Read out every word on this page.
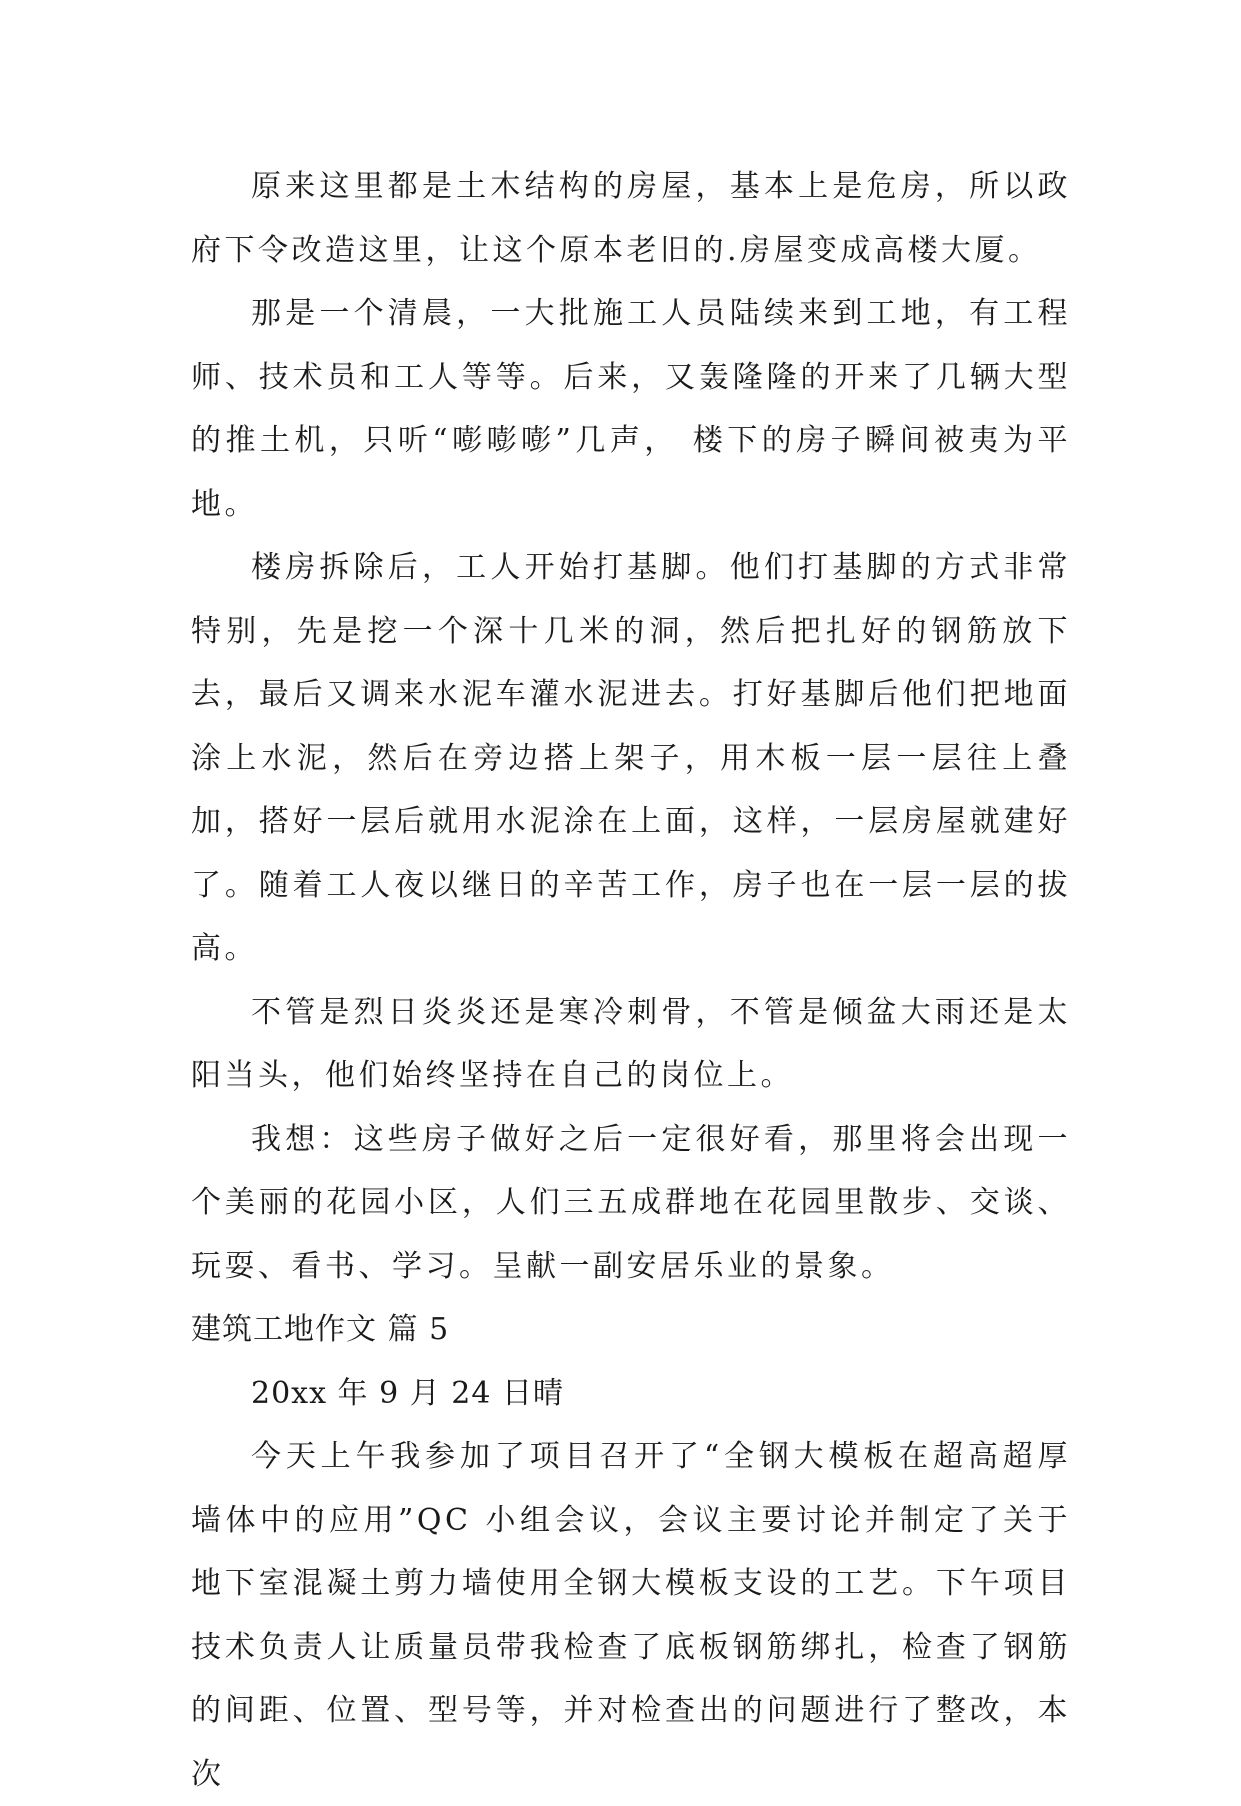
原来这里都是土木结构的房屋，基本上是危房，所以政府下令改造这里，让这个原本老旧的.房屋变成高楼大厦。

那是一个清晨，一大批施工人员陆续来到工地，有工程师、技术员和工人等等。后来，又轰隆隆的开来了几辆大型的推土机，只听“嘭嘭嘭”几声， 楼下的房子瞬间被夷为平地。

楼房拆除后，工人开始打基脚。他们打基脚的方式非常特别，先是挖一个深十几米的洞，然后把扎好的钢筋放下去，最后又调来水泥车灌水泥进去。打好基脚后他们把地面涂上水泥，然后在旁边搭上架子，用木板一层一层往上叠加，搭好一层后就用水泥涂在上面，这样，一层房屋就建好了。随着工人夜以继日的辛苦工作，房子也在一层一层的拔高。

不管是烈日炎炎还是寒冷刺骨，不管是倾盆大雨还是太阳当头，他们始终坚持在自己的岗位上。

我想：这些房子做好之后一定很好看，那里将会出现一个美丽的花园小区，人们三五成群地在花园里散步、交谈、玩耍、看书、学习。呈献一副安居乐业的景象。

建筑工地作文 篇 5

20xx 年 9 月 24 日晴

今天上午我参加了项目召开了“全钢大模板在超高超厚墙体中的应用”QC 小组会议，会议主要讨论并制定了关于地下室混凝土剪力墙使用全钢大模板支设的工艺。下午项目技术负责人让质量员带我检查了底板钢筋绑扎，检查了钢筋的间距、位置、型号等，并对检查出的问题进行了整改，本次
